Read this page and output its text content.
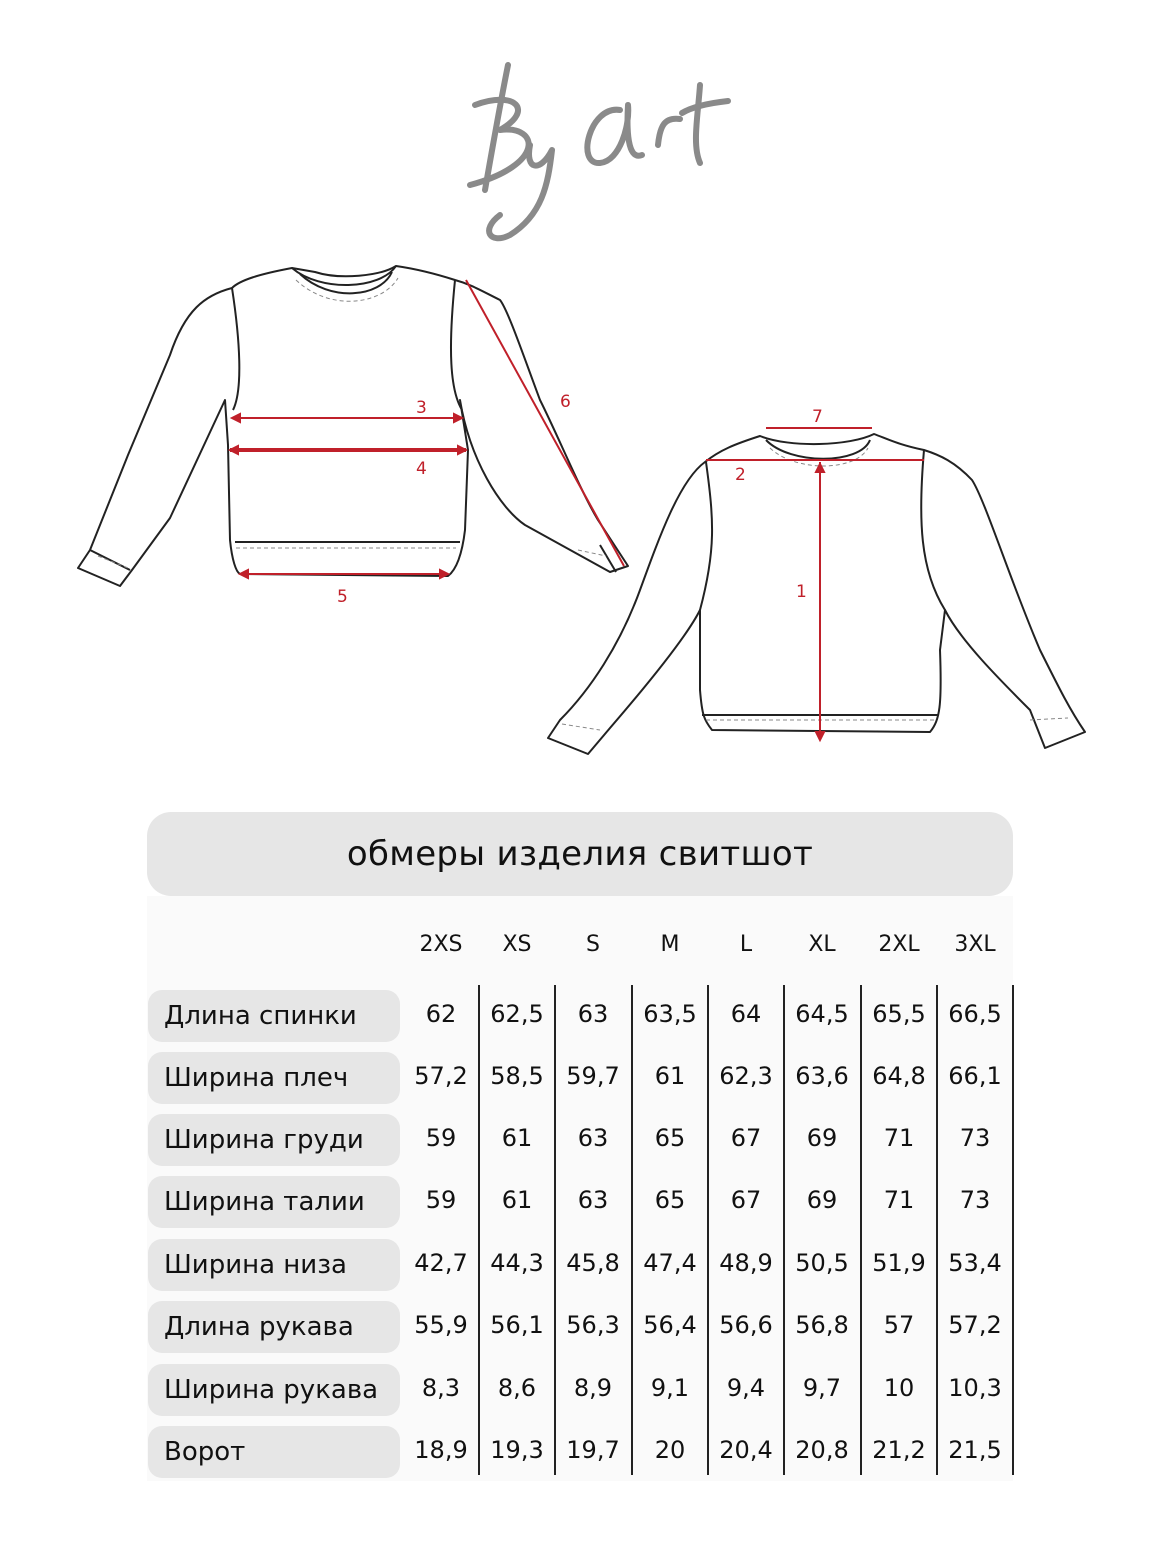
3
4
5
6
7
2
1
обмеры изделия свитшот
2XS	XS	S	M	L	XL	2XL	3XL
Длина спинки	62	62,5	63	63,5	64	64,5 65,5 66,5
Ширина плеч	57,2 58,5 59,7	61	62,3 63,6 64,8 66,1
Ширина груди	59	61	63	65	67	69	71	73
Ширина талии	59	61	63	65	67	69	71	73
Ширина низа	42,7 44,3 45,8 47,4 48,9 50,5 51,9 53,4
Длина рукава	55,9 56,1 56,3 56,4 56,6 56,8	57	57,2
Ширина рукава	8,3	8,6	8,9	9,1	9,4	9,7	10	10,3
Ворот	18,9 19,3 19,7	20	20,4 20,8 21,2 21,5
